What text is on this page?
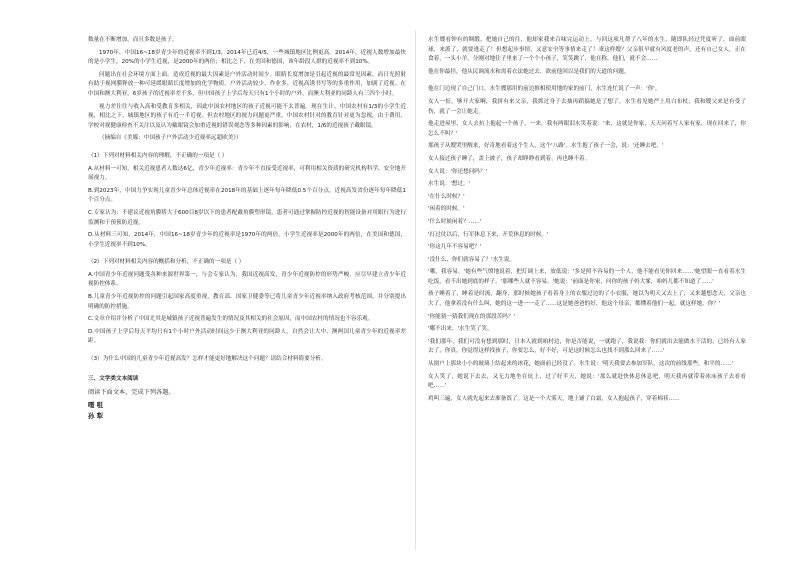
数量在不断增加，而且多数是孩子。

1970年，中国16~18岁青少年的近视率不到1/3，2014年已近4/5，一些城镇地区比例更高。2014年，近视人数增加最快的是小学生，20%的小学生近视，是2000年的两倍；相比之下，在美国和德国，该年龄段人群的近视率不到10%。

问题出在社会环境方面上面。造成近视的最大因素是户外活动时间少。眼睛长度增加是引起近视的最常见因素，而日光照射有助于视网膜释放一种可延缓眼睛长度增加的化学物质。户外活动较少、作业多、近视高诱书写等的多重作用，加剧了近视。在中国和澳大利亚，6岁孩子的近视率差不多，但中国孩子上学后每天只有1个小时的户外，而澳大利亚的同龄人有三四个小时。

视力差往往与收入高和受教育多相关，因此中国农村地区的孩子近视可能不太普遍。现在生计、中国农村有1/3的小学生近视，相比之下，城镇地区的孩子有近一半近视。但农村地区的视力问题更严重。中国农村针对的教育针对更为忽视，由于费用、学校对视健康检查不关注以及认为戴眼镜会加重近视的错误观念等多种因素的影响，在农村，1/6的近视孩子戴眼镜。

（摘编自《美媒：中国孩子户外活动少近视率远超欧美》）

（1）下列对材料相关内容的理解，不正确的一项是（ ）

A.从材料一可知，相关近视患者人数达6亿，青少年近视率：青少年不直接受近视率，可利用相关资质的研究机构科学、安全地开展视力。

B.到2023年，中国力争实现儿童青少年总体近视率在2018年的基础上逐年每年降低0.5个百分点，近视高发省份逐年每年降低1个百分点。

C.专家认为：不建议近视角膜矫大于600目8岁以下的患者配戴角膜塑形镜，患者可通过掌握防控近视的智能设备对用眼行为进行监测和干预预防近视。

D.从材料三可知，2014年，中国16~18岁青少年的近视率是1970年的两倍，小学生近视率是2000年的两倍，在美国和德国，小学生近视率不到10%。

（2）下列对材料相关内容的概括和分析，不正确的一项是（ ）

A.中国青少年近视问题受各种来源世界第一，与会专家认为，我国近视高发，青少年近视防控的形势严峻，应尽早建立青少年近视防控体系。

B.儿童青少年近视防控的问题引起国家高度重视，教育部、国家卫健委等已将儿童青少年近视率纳入政府考核范围，并分别提出明确的防控措施。

C.文章介绍并分析了中国尤其是城镇孩子近视普遍发生的情况及其相关的社会原因，而中国农村的情况也不容乐观。

D.中国孩子上学后每天平均只有1个小时户外活动时间远少于澳大利亚的同龄人，自然会让大中、澳两国儿童青少年的近视率差距。

（3）为什么中国的儿童青少年近视高发？怎样才能更好地解决这个问题？请结合材料简要分析。

三、文学类文本阅读

阅读下面文本，完成下列各题。

嘎 咀

孙 犁

水生嫂看钟有的绸缎，把她自己的往，他却家我来百味完运动上。与回这项凡帮了八年的水生，随即队轻过凭度听了，面前眼球，来派了，就要逃走了！但想起步事情，又意安全等事情来走了！乖这样嫂？父亲很早就有风度老的声。还有自己女人，正在食着，一头小羊，分刚对地往子里来了一个个小孩子，笑笑跳了，他在称，他们，就不会……

他在你最挂，他从民调流水和需着衣法她过去，欲前他回以是我们的天道的问题。

他在门边现了自己门口，水生嫂那用的前边推相使用地的家的前门，水生连忙说了一声：'你'。

女人一怔，够开大家啊，我拼有来父亲，我抓过身于去抽再蹈搞她是了想了。水生看见她严上用白布杖，我和嫂父来是有受了伤，就了一会让她走。

他走进屋里，女人去抗上抱起一个孩子，一来，我有两眼泪水笑着说：'来，这就是你家，天天问着写人家有家，现在回来了，你怎么不叫？'

那孩子从嫂哭里醒来，好奇地看着这个生人，这个'八路'。水生抱了孩子一会，说：'还睡去吧。'

女人接过孩子睡了，盖上被子，孩子却睁睁看到着，再也睡不着。

女人说：'你还想问吗？'

水生说：'想过。'

'在什么时候？'

'闲着的时候。'

'什么时候闲着？……'

'打过仗以后，行军休息下来，开荒休息的时候。'

'你这几年不容易吧？'

'没什么，你们就容易了？'水生说。

'哪，我容易，'她有些气愤地说着，把灯调上来，放低说：'多是照不容易的一个人，他不能看见你回来……'她望眼一直看着水生吃饭，看不出她到底的样子。'那哪些人就不容易。'她说：'前面是你家，问你的孩子妈大爹，咱妈儿都不知道了……'

孩子睡着了，睡着是时流，翻身，那时候她孩子看着身上的衣服过边的了小衣服，她以为明天又去上了，又来越想念天，父亲也大了，他拿着没有什么叫，她的这一进一一走了……这是她爸爸的好，他这个母亲，都懂着他们一起，就这样她，你？'

'你能猜一猜我们现在的那段苦吗？'

'哪不出来。'水生笑了笑。

'我们那年，我们可没有想到那时，日本人就到咱村边，你是否能说，一就跑了，我说我：你们就出去能做水干活的，已经有人家去了，你真，你觉得这样找孩子，你要怎么，好不好，可是这时候怎么也找不到那么回来了……'

从窗户上那块小小的玻璃上结起来的冰花，她面前已经没了。水生说：'明天我要去参加军队，这次的前线那些，和平的……'

女人笑了，她说下去去，又无力地坐在炕上，过了好半天，她说：'那么就赶快休息休息吧，明天我再就带着冰床孩子去看看吧……'

鸡叫三遍，女人就先起来去准备饭了。这是一个大雾天，地上铺了白霜，女人抱起孩子，穿着棉袄……
